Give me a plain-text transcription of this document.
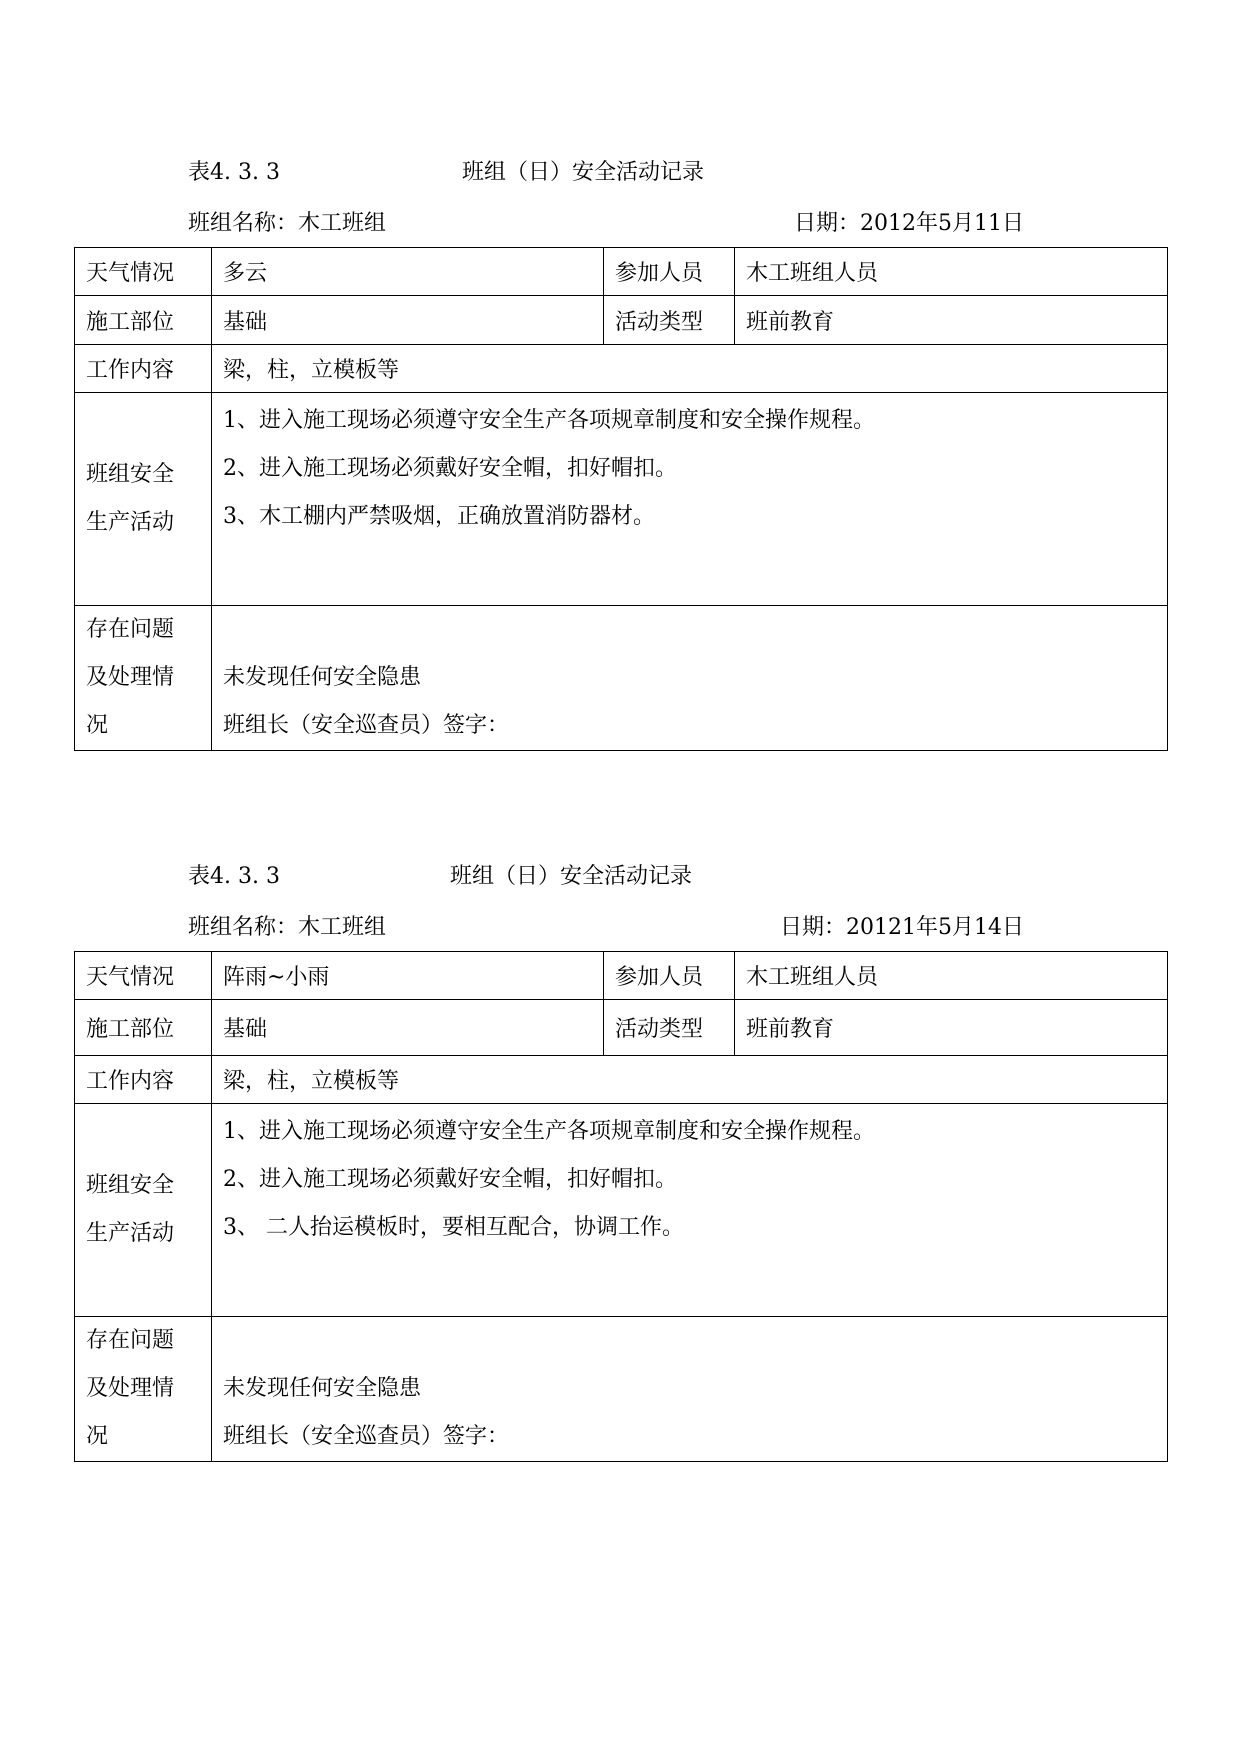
表4. 3. 3	班组（日）安全活动记录
班组名称：木工班组	日期：2012年5月11日
天气情况	多云	参加人员	木工班组人员
施工部位	基础	活动类型	班前教育
工作内容	梁，柱，立模板等		

班组安全
生产活动	1、进入施工现场必须遵守安全生产各项规章制度和安全操作规程。
2、进入施工现场必须戴好安全帽，扣好帽扣。
3、木工棚内严禁吸烟，正确放置消防器材。		

存在问题
及处理情
况	未发现任何安全隐患
班组长（安全巡查员）签字：		
表4. 3. 3	班组（日）安全活动记录
班组名称：木工班组	日期：20121年5月14日
天气情况	阵雨~小雨	参加人员	木工班组人员
施工部位	基础	活动类型	班前教育
工作内容	梁，柱，立模板等		

班组安全
生产活动	1、进入施工现场必须遵守安全生产各项规章制度和安全操作规程。
2、进入施工现场必须戴好安全帽，扣好帽扣。
3、 二人抬运模板时，要相互配合，协调工作。		

存在问题
及处理情
况	未发现任何安全隐患
班组长（安全巡查员）签字：		
